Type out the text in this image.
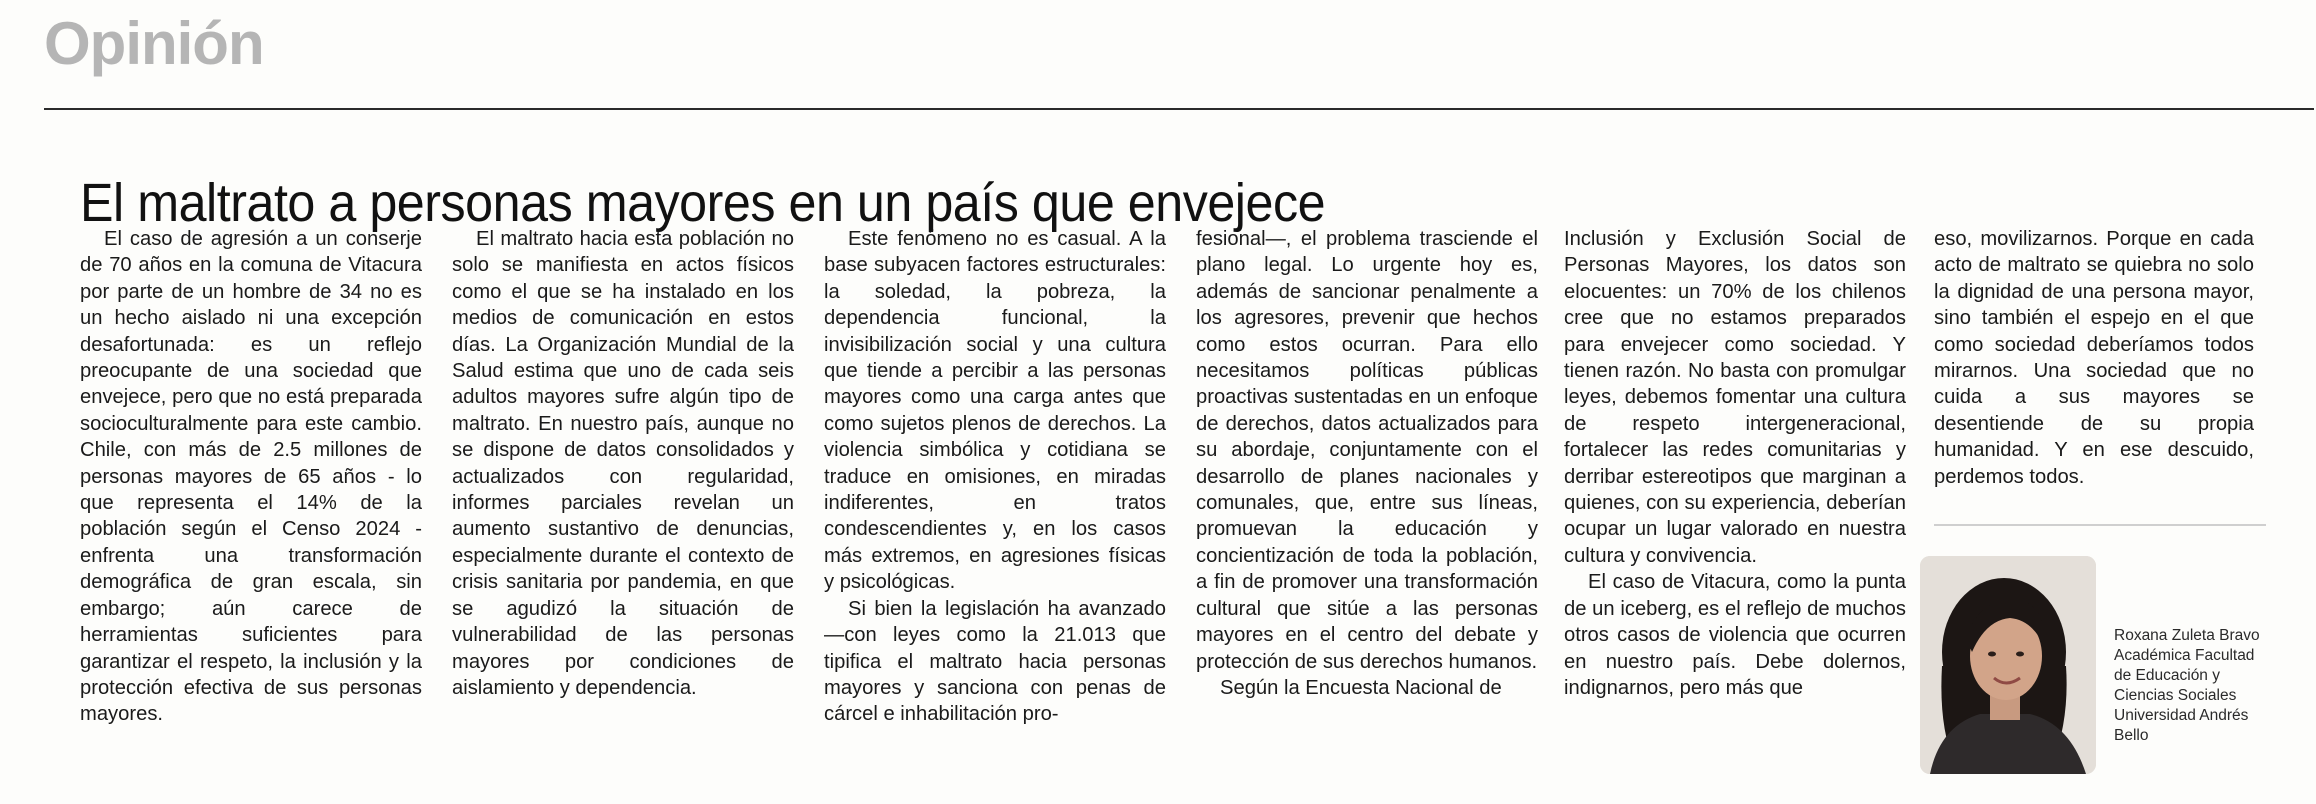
Opinión
El maltrato a personas mayores en un país que envejece

El caso de agresión a un conserje de 70 años en la comuna de Vitacura por parte de un hombre de 34 no es un hecho aislado ni una excepción desafortunada: es un reflejo preocupante de una sociedad que envejece, pero que no está preparada socioculturalmente para este cambio. Chile, con más de 2.5 millones de personas mayores de 65 años - lo que representa el 14% de la población según el Censo 2024 - enfrenta una transformación demográfica de gran escala, sin embargo; aún carece de herramientas suficientes para garantizar el respeto, la inclusión y la protección efectiva de sus personas mayores.

El maltrato hacia esta población no solo se manifiesta en actos físicos como el que se ha instalado en los medios de comunicación en estos días. La Organización Mundial de la Salud estima que uno de cada seis adultos mayores sufre algún tipo de maltrato. En nuestro país, aunque no se dispone de datos consolidados y actualizados con regularidad, informes parciales revelan un aumento sustantivo de denuncias, especialmente durante el contexto de crisis sanitaria por pandemia, en que se agudizó la situación de vulnerabilidad de las personas mayores por condiciones de aislamiento y dependencia.

Este fenómeno no es casual. A la base subyacen factores estructurales: la soledad, la pobreza, la dependencia funcional, la invisibilización social y una cultura que tiende a percibir a las personas mayores como una carga antes que como sujetos plenos de derechos. La violencia simbólica y cotidiana se traduce en omisiones, en miradas indiferentes, en tratos condescendientes y, en los casos más extremos, en agresiones físicas y psicológicas.

Si bien la legislación ha avanzado —con leyes como la 21.013 que tipifica el maltrato hacia personas mayores y sanciona con penas de cárcel e inhabilitación pro-

fesional—, el problema trasciende el plano legal. Lo urgente hoy es, además de sancionar penalmente a los agresores, prevenir que hechos como estos ocurran. Para ello necesitamos políticas públicas proactivas sustentadas en un enfoque de derechos, datos actualizados para su abordaje, conjuntamente con el desarrollo de planes nacionales y comunales, que, entre sus líneas, promuevan la educación y concientización de toda la población, a fin de promover una transformación cultural que sitúe a las personas mayores en el centro del debate y protección de sus derechos humanos.

Según la Encuesta Nacional de

Inclusión y Exclusión Social de Personas Mayores, los datos son elocuentes: un 70% de los chilenos cree que no estamos preparados para envejecer como sociedad. Y tienen razón. No basta con promulgar leyes, debemos fomentar una cultura de respeto intergeneracional, fortalecer las redes comunitarias y derribar estereotipos que marginan a quienes, con su experiencia, deberían ocupar un lugar valorado en nuestra cultura y convivencia.

El caso de Vitacura, como la punta de un iceberg, es el reflejo de muchos otros casos de violencia que ocurren en nuestro país. Debe dolernos, indignarnos, pero más que

eso, movilizarnos. Porque en cada acto de maltrato se quiebra no solo la dignidad de una persona mayor, sino también el espejo en el que como sociedad deberíamos todos mirarnos. Una sociedad que no cuida a sus mayores se desentiende de su propia humanidad. Y en ese descuido, perdemos todos.

Roxana Zuleta Bravo
Académica Facultad
de Educación y
Ciencias Sociales
Universidad Andrés
Bello
